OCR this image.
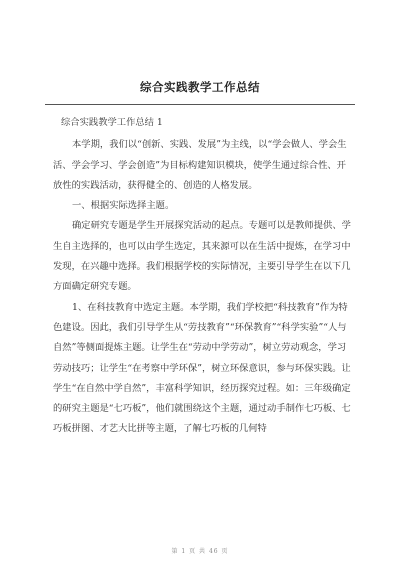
综合实践教学工作总结

综合实践教学工作总结 1

本学期，我们以“创新、实践、发展”为主线，以“学会做人、学会生活、学会学习、学会创造”为目标构建知识模块，使学生通过综合性、开放性的实践活动，获得健全的、创造的人格发展。

一、根据实际选择主题。

确定研究专题是学生开展探究活动的起点。专题可以是教师提供、学生自主选择的，也可以由学生选定，其来源可以在生活中提炼，在学习中发现，在兴趣中选择。我们根据学校的实际情况，主要引导学生在以下几方面确定研究专题。

1、在科技教育中选定主题。本学期，我们学校把“科技教育”作为特色建设。因此，我们引导学生从“劳技教育”“环保教育”“科学实验”“人与自然”等侧面提炼主题。让学生在“劳动中学劳动”，树立劳动观念，学习劳动技巧；让学生“在考察中学环保”，树立环保意识，参与环保实践。让学生“在自然中学自然”，丰富科学知识，经历探究过程。如：三年级确定的研究主题是“七巧板”，他们就围绕这个主题，通过动手制作七巧板、七巧板拼图、才艺大比拼等主题，了解七巧板的几何特

第 1 页 共 46 页
